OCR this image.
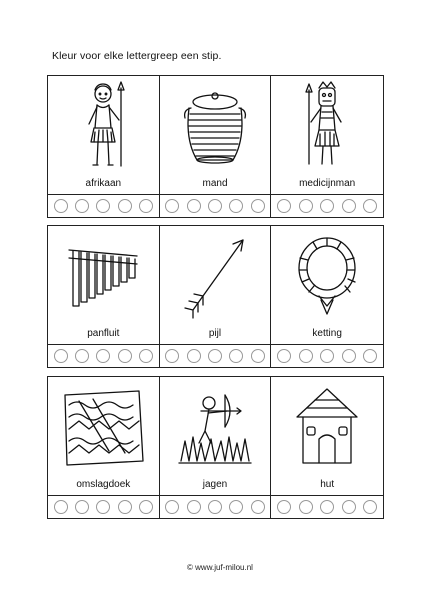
Kleur voor elke lettergreep een stip.
afrikaan	mand	medicijnman
panfluit	pijl	ketting
omslagdoek	jagen	hut
© www.juf-milou.nl
